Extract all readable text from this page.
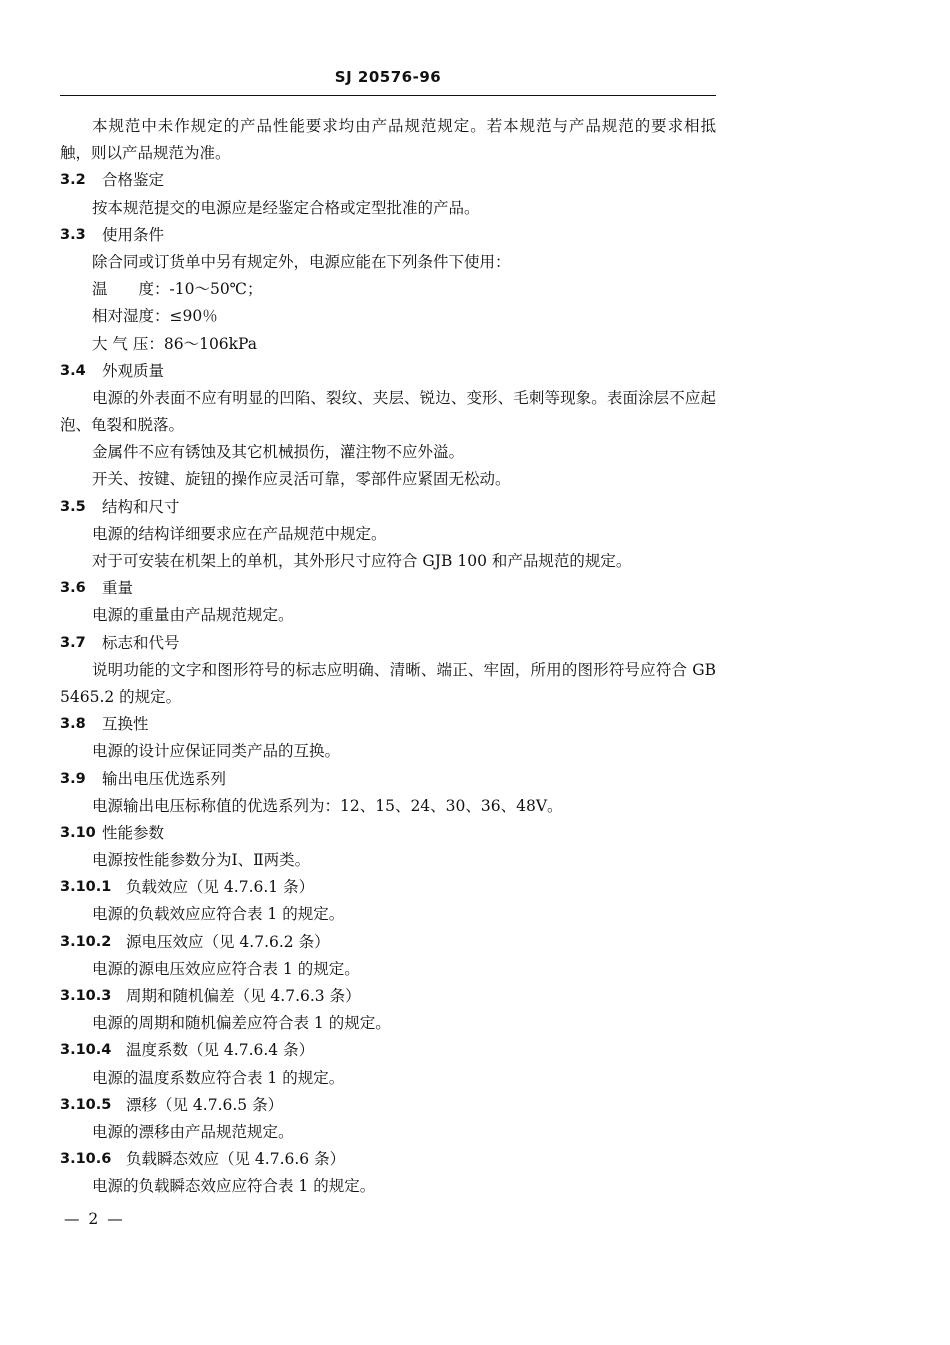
SJ 20576-96
本规范中未作规定的产品性能要求均由产品规范规定。若本规范与产品规范的要求相抵
触，则以产品规范为准。
3.2	合格鉴定
按本规范提交的电源应是经鉴定合格或定型批准的产品。
3.3	使用条件
除合同或订货单中另有规定外，电源应能在下列条件下使用：
温　　度：-10～50℃；
相对湿度：≤90％
大 气 压：86～106kPa
3.4	外观质量
电源的外表面不应有明显的凹陷、裂纹、夹层、锐边、变形、毛刺等现象。表面涂层不应起
泡、龟裂和脱落。
金属件不应有锈蚀及其它机械损伤，灌注物不应外溢。
开关、按键、旋钮的操作应灵活可靠，零部件应紧固无松动。
3.5	结构和尺寸
电源的结构详细要求应在产品规范中规定。
对于可安装在机架上的单机，其外形尺寸应符合 GJB 100 和产品规范的规定。
3.6	重量
电源的重量由产品规范规定。
3.7	标志和代号
说明功能的文字和图形符号的标志应明确、清晰、端正、牢固，所用的图形符号应符合 GB
5465.2 的规定。
3.8	互换性
电源的设计应保证同类产品的互换。
3.9	输出电压优选系列
电源输出电压标称值的优选系列为：12、15、24、30、36、48V。
3.10 性能参数
电源按性能参数分为Ⅰ、Ⅱ两类。
3.10.1 负载效应（见 4.7.6.1 条）
电源的负载效应应符合表 1 的规定。
3.10.2 源电压效应（见 4.7.6.2 条）
电源的源电压效应应符合表 1 的规定。
3.10.3 周期和随机偏差（见 4.7.6.3 条）
电源的周期和随机偏差应符合表 1 的规定。
3.10.4 温度系数（见 4.7.6.4 条）
电源的温度系数应符合表 1 的规定。
3.10.5 漂移（见 4.7.6.5 条）
电源的漂移由产品规范规定。
3.10.6 负载瞬态效应（见 4.7.6.6 条）
电源的负载瞬态效应应符合表 1 的规定。
— 2 —
